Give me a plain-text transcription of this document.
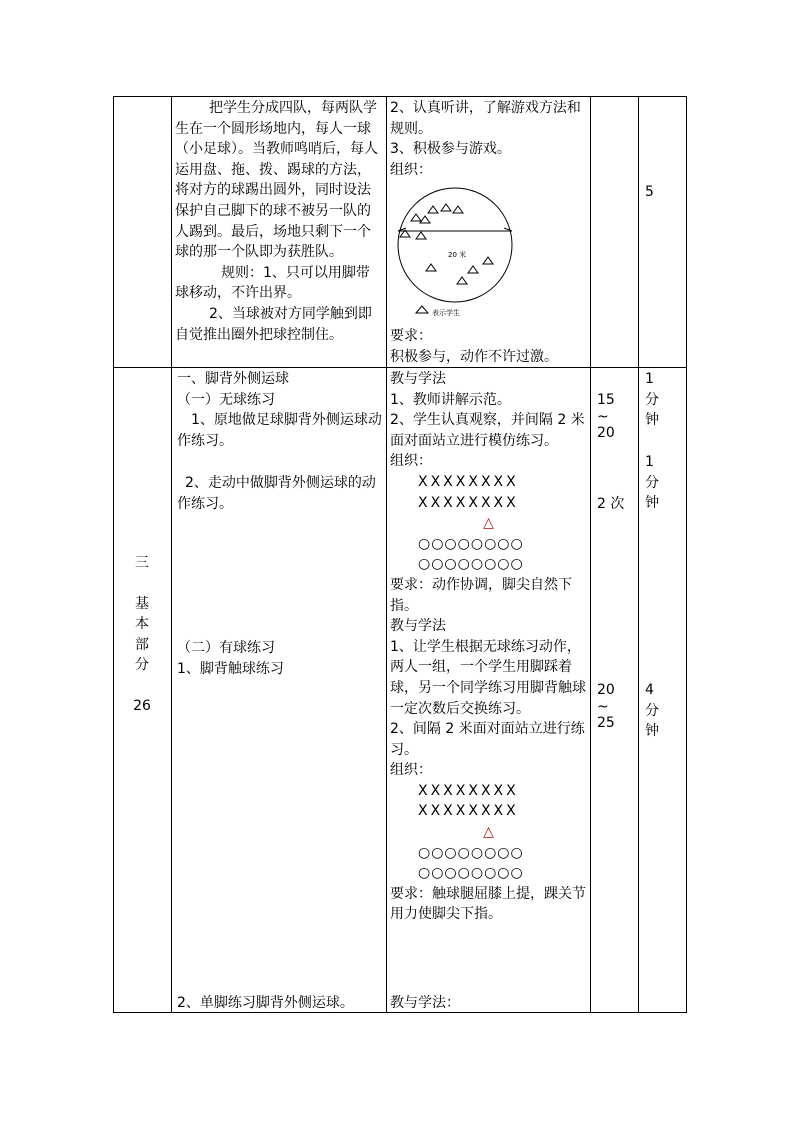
把学生分成四队，每两队学生在一个圆形场地内，每人一球（小足球）。当教师鸣哨后，每人运用盘、拖、拨、踢球的方法，将对方的球踢出圆外，同时设法保护自己脚下的球不被另一队的人踢到。最后，场地只剩下一个球的那一个队即为获胜队。
规则：1、只可以用脚带球移动，不许出界。
2、当球被对方同学触到即自觉推出圈外把球控制住。
2、认真听讲，了解游戏方法和规则。
3、积极参与游戏。
组织：
20 米
表示学生
要求：
积极参与，动作不许过激。
5
三
基
本
部
分
26
一、脚背外侧运球
（一）无球练习
1、原地做足球脚背外侧运球动作练习。
2、走动中做脚背外侧运球的动作练习。
（二）有球练习
1、脚背触球练习
2、单脚练习脚背外侧运球。
教与学法
1、教师讲解示范。
2、学生认真观察，并间隔 2 米面对面站立进行模仿练习。
组织：
XXXXXXXX
XXXXXXXX
△
○○○○○○○○
○○○○○○○○
要求：动作协调，脚尖自然下指。
教与学法
1、让学生根据无球练习动作，两人一组，一个学生用脚踩着球，另一个同学练习用脚背触球一定次数后交换练习。
2、间隔 2 米面对面站立进行练习。
组织：
XXXXXXXX
XXXXXXXX
△
○○○○○○○○
○○○○○○○○
要求：触球腿屈膝上提，踝关节用力使脚尖下指。
教与学法：
15
~
20
2 次
20
~
25
1
分
钟
1
分
钟
4
分
钟
